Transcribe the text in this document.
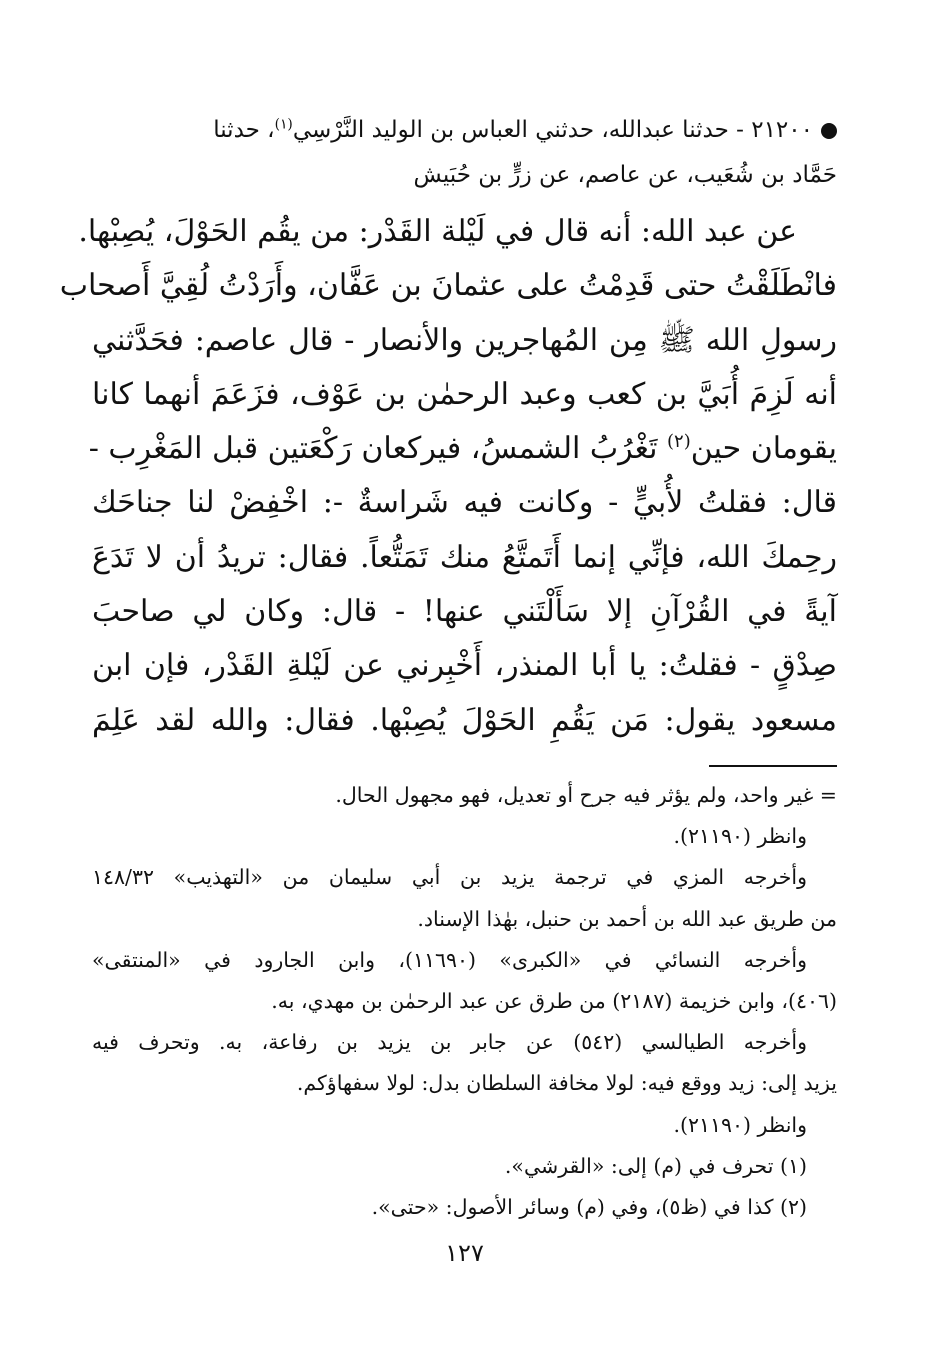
٢١٢٠٠ - حدثنا عبدالله، حدثني العباس بن الوليد النَّرْسِي$^{(١)}$، حدثنا
حَمَّاد بن شُعَيب، عن عاصم، عن زرٍّ بن حُبَيش
عن عبد الله: أنه قال في لَيْلة القَدْر: من يقُم الحَوْلَ، يُصِبْها.
فانْطَلَقْتُ حتى قَدِمْتُ على عثمانَ بن عَفَّان، وأَرَدْتُ لُقِيَّ أَصحاب
رسولِ الله ﷺ مِن المُهاجرين والأنصار - قال عاصم: فحَدَّثني
أنه لَزِمَ أُبَيَّ بن كعب وعبد الرحمٰن بن عَوْف، فزَعَمَ أنهما كانا
يقومان حين$^{(٢)}$ تَغْرُبُ الشمسُ، فيركعان رَكْعَتين قبل المَغْرِب -
قال: فقلتُ لأُبيٍّ - وكانت فيه شَراسةٌ -: اخْفِضْ لنا جناحَك
رحِمكَ الله، فإنِّي إنما أَتَمتَّعُ منك تَمَتُّعاً. فقال: تريدُ أن لا تَدَعَ
آيةً في القُرْآنِ إلا سَأَلْتَني عنها! - قال: وكان لي صاحبَ
صِدْقٍ - فقلتُ: يا أبا المنذر، أَخْبِرني عن لَيْلةِ القَدْر، فإن ابن
مسعود يقول: مَن يَقُمِ الحَوْلَ يُصِبْها. فقال: والله لقد عَلِمَ
= غير واحد، ولم يؤثر فيه جرح أو تعديل، فهو مجهول الحال.
وانظر (٢١١٩٠).
وأخرجه المزي في ترجمة يزيد بن أبي سليمان من «التهذيب» ١٤٨/٣٢
من طريق عبد الله بن أحمد بن حنبل، بهٰذا الإسناد.
وأخرجه النسائي في «الكبرى» (١١٦٩٠)، وابن الجارود في «المنتقى»
(٤٠٦)، وابن خزيمة (٢١٨٧) من طرق عن عبد الرحمٰن بن مهدي، به.
وأخرجه الطيالسي (٥٤٢) عن جابر بن يزيد بن رفاعة، به. وتحرف فيه
يزيد إلى: زيد ووقع فيه: لولا مخافة السلطان بدل: لولا سفهاؤكم.
وانظر (٢١١٩٠).
(١) تحرف في (م) إلى: «القرشي».
(٢) كذا في (ظ٥)، وفي (م) وسائر الأصول: «حتى».
١٢٧
